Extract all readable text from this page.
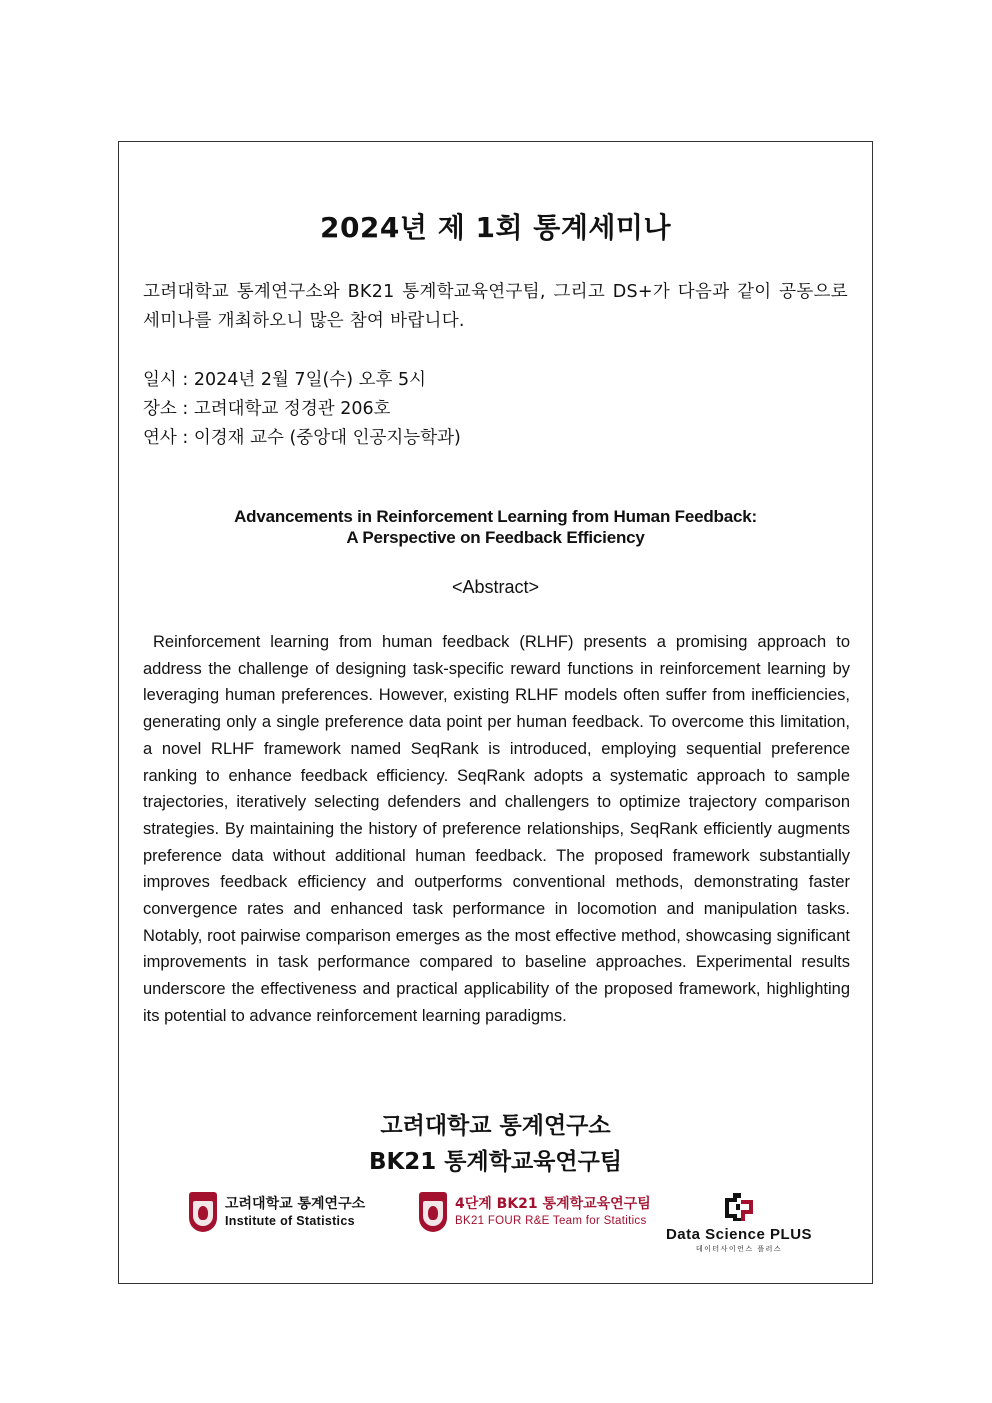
2024년 제 1회 통계세미나
고려대학교 통계연구소와 BK21 통계학교육연구팀, 그리고 DS+가 다음과 같이 공동으로 세미나를 개최하오니 많은 참여 바랍니다.
일시 : 2024년 2월 7일(수) 오후 5시
장소 : 고려대학교 정경관 206호
연사 : 이경재 교수 (중앙대 인공지능학과)
Advancements in Reinforcement Learning from Human Feedback:
A Perspective on Feedback Efficiency
<Abstract>
Reinforcement learning from human feedback (RLHF) presents a promising approach to address the challenge of designing task-specific reward functions in reinforcement learning by leveraging human preferences. However, existing RLHF models often suffer from inefficiencies, generating only a single preference data point per human feedback. To overcome this limitation, a novel RLHF framework named SeqRank is introduced, employing sequential preference ranking to enhance feedback efficiency. SeqRank adopts a systematic approach to sample trajectories, iteratively selecting defenders and challengers to optimize trajectory comparison strategies. By maintaining the history of preference relationships, SeqRank efficiently augments preference data without additional human feedback. The proposed framework substantially improves feedback efficiency and outperforms conventional methods, demonstrating faster convergence rates and enhanced task performance in locomotion and manipulation tasks. Notably, root pairwise comparison emerges as the most effective method, showcasing significant improvements in task performance compared to baseline approaches. Experimental results underscore the effectiveness and practical applicability of the proposed framework, highlighting its potential to advance reinforcement learning paradigms.
고려대학교 통계연구소
BK21 통계학교육연구팀
고려대학교 통계연구소
Institute of Statistics
4단계 BK21 통계학교육연구팀
BK21 FOUR R&E Team for Statitics
Data Science PLUS
데이터사이언스 플러스
